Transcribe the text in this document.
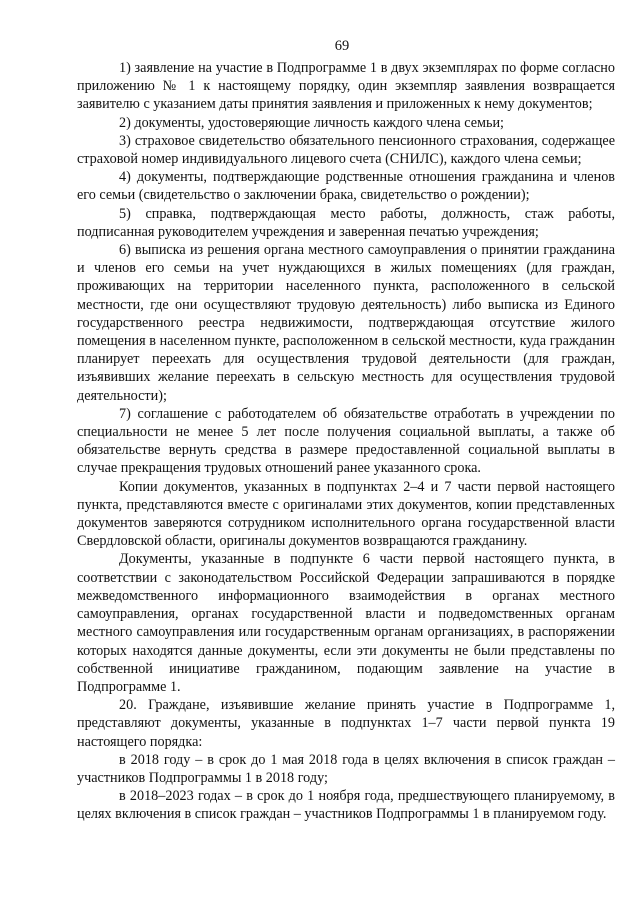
69

1) заявление на участие в Подпрограмме 1 в двух экземплярах по форме согласно приложению № 1 к настоящему порядку, один экземпляр заявления возвращается заявителю с указанием даты принятия заявления и приложенных к нему документов;

2) документы, удостоверяющие личность каждого члена семьи;

3) страховое свидетельство обязательного пенсионного страхования, содержащее страховой номер индивидуального лицевого счета (СНИЛС), каждого члена семьи;

4) документы, подтверждающие родственные отношения гражданина и членов его семьи (свидетельство о заключении брака, свидетельство о рождении);

5) справка, подтверждающая место работы, должность, стаж работы, подписанная руководителем учреждения и заверенная печатью учреждения;

6) выписка из решения органа местного самоуправления о принятии гражданина и членов его семьи на учет нуждающихся в жилых помещениях (для граждан, проживающих на территории населенного пункта, расположенного в сельской местности, где они осуществляют трудовую деятельность) либо выписка из Единого государственного реестра недвижимости, подтверждающая отсутствие жилого помещения в населенном пункте, расположенном в сельской местности, куда гражданин планирует переехать для осуществления трудовой деятельности (для граждан, изъявивших желание переехать в сельскую местность для осуществления трудовой деятельности);

7) соглашение с работодателем об обязательстве отработать в учреждении по специальности не менее 5 лет после получения социальной выплаты, а также об обязательстве вернуть средства в размере предоставленной социальной выплаты в случае прекращения трудовых отношений ранее указанного срока.

Копии документов, указанных в подпунктах 2–4 и 7 части первой настоящего пункта, представляются вместе с оригиналами этих документов, копии представленных документов заверяются сотрудником исполнительного органа государственной власти Свердловской области, оригиналы документов возвращаются гражданину.

Документы, указанные в подпункте 6 части первой настоящего пункта, в соответствии с законодательством Российской Федерации запрашиваются в порядке межведомственного информационного взаимодействия в органах местного самоуправления, органах государственной власти и подведомственных органам местного самоуправления или государственным органам организациях, в распоряжении которых находятся данные документы, если эти документы не были представлены по собственной инициативе гражданином, подающим заявление на участие в Подпрограмме 1.

20. Граждане, изъявившие желание принять участие в Подпрограмме 1, представляют документы, указанные в подпунктах 1–7 части первой пункта 19 настоящего порядка:

в 2018 году – в срок до 1 мая 2018 года в целях включения в список граждан – участников Подпрограммы 1 в 2018 году;

в 2018–2023 годах – в срок до 1 ноября года, предшествующего планируемому, в целях включения в список граждан – участников Подпрограммы 1 в планируемом году.
